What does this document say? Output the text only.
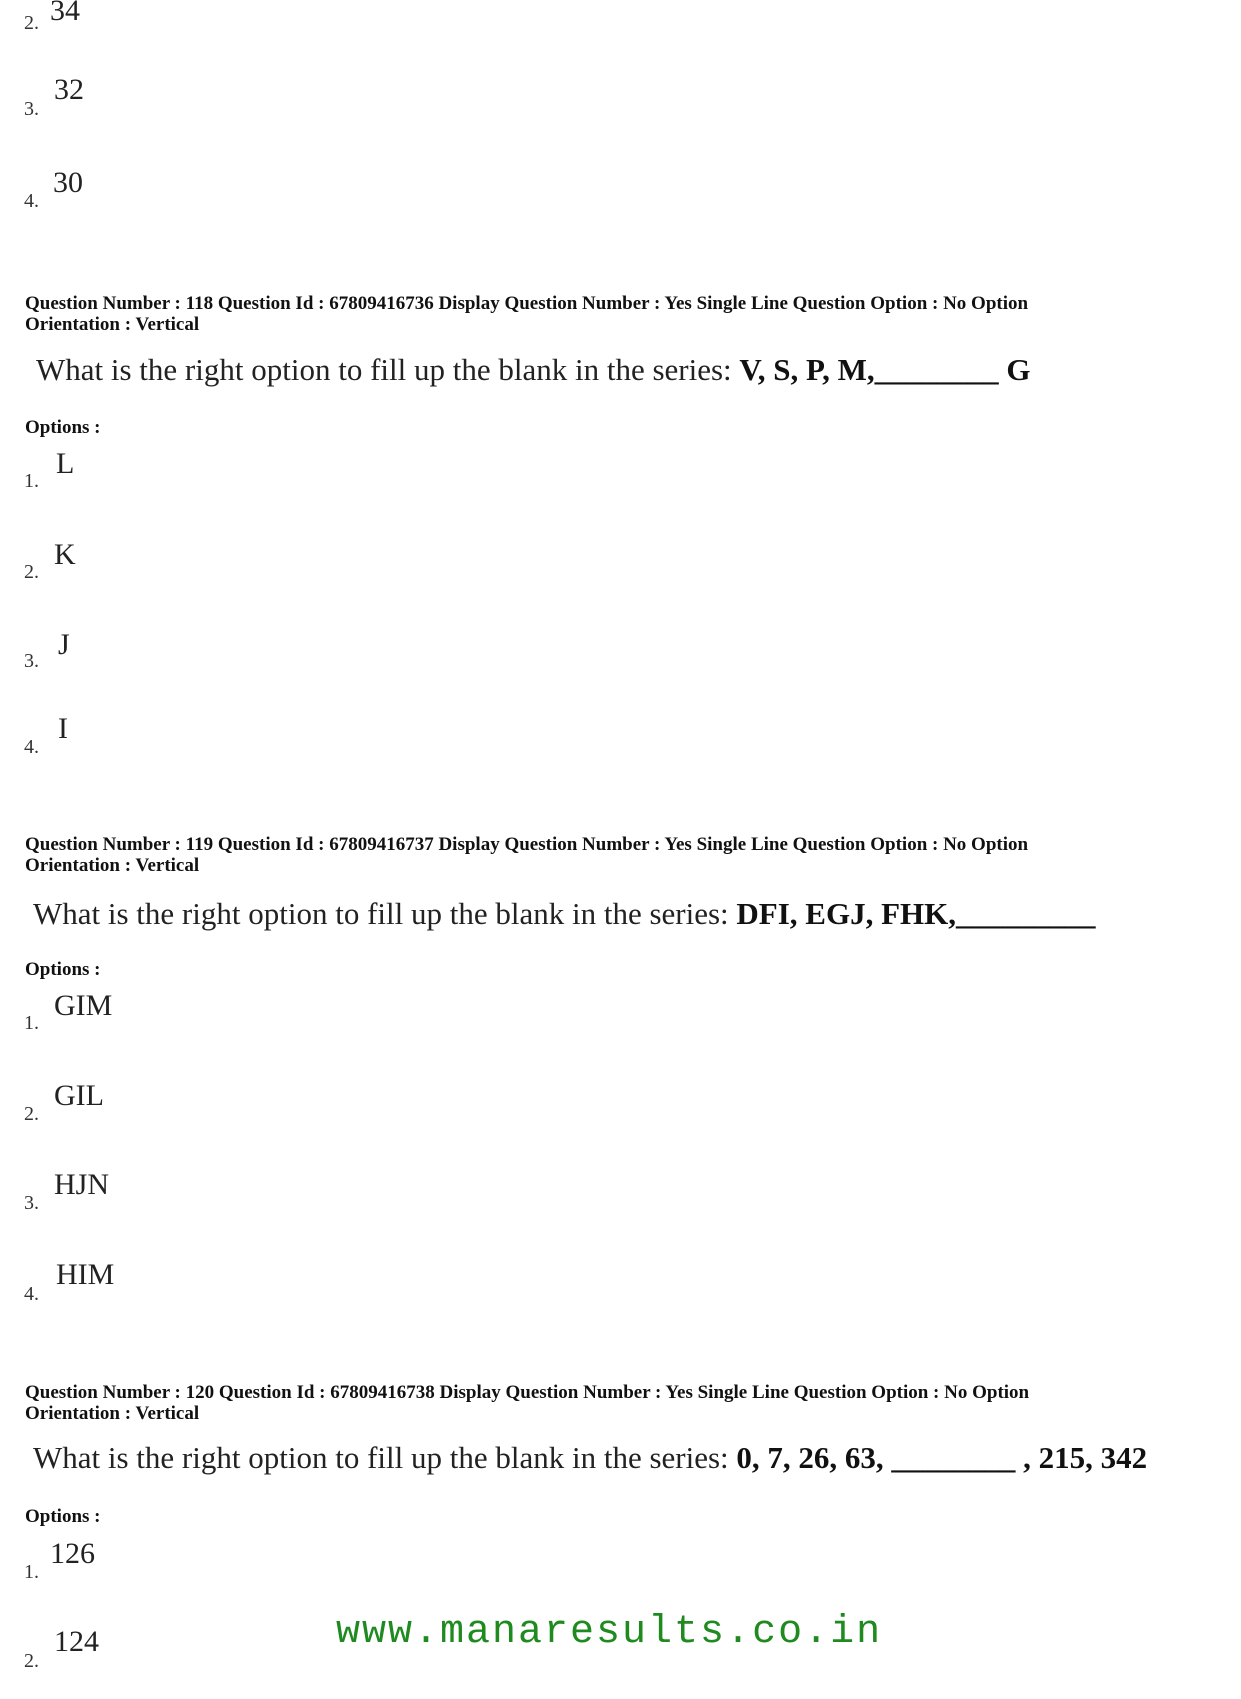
2. 34
3.
32
4.
30
Question Number : 118 Question Id : 67809416736 Display Question Number : Yes Single Line Question Option : No Option
Orientation : Vertical
What is the right option to fill up the blank in the series: V, S, P, M,________ G
Options :
1.
L
2.
K
3. J
4.
I
Question Number : 119 Question Id : 67809416737 Display Question Number : Yes Single Line Question Option : No Option
Orientation : Vertical
What is the right option to fill up the blank in the series: DFI, EGJ, FHK,_________
Options :
1.
GIM
2.
GIL
3.
HJN
4.
HIM
Question Number : 120 Question Id : 67809416738 Display Question Number : Yes Single Line Question Option : No Option
Orientation : Vertical
What is the right option to fill up the blank in the series: 0, 7, 26, 63, ________ , 215, 342
Options :
1.
126
2.
124	www.manaresults.co.in
